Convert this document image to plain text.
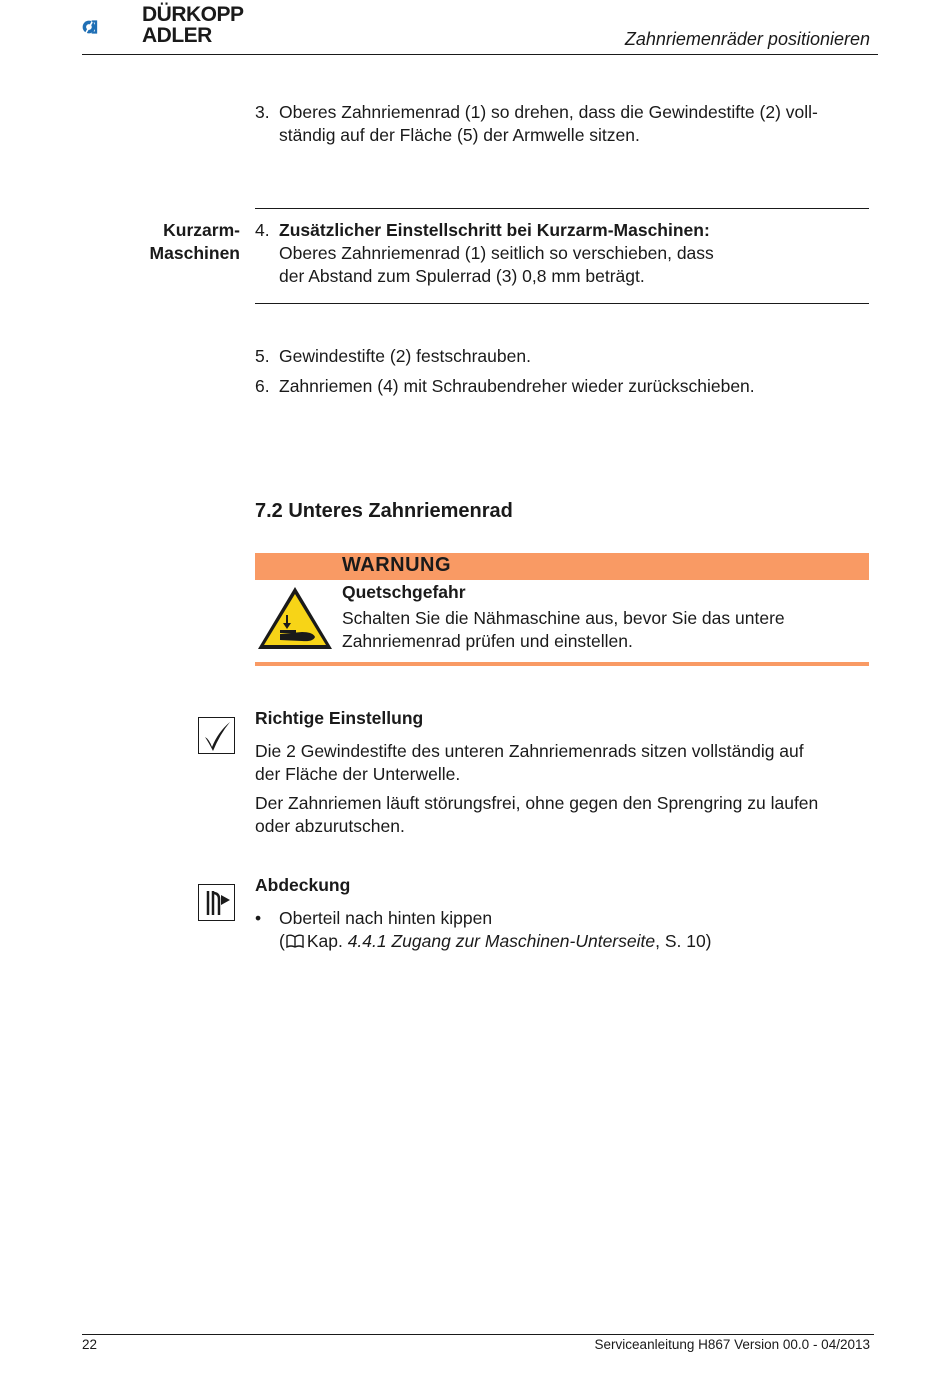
DÜRKOPP
ADLER	Zahnriemenräder positionieren
3. Oberes Zahnriemenrad (1) so drehen, dass die Gewindestifte (2) voll-
ständig auf der Fläche (5) der Armwelle sitzen.
Kurzarm-
Maschinen
4. Zusätzlicher Einstellschritt bei Kurzarm-Maschinen:
Oberes Zahnriemenrad (1) seitlich so verschieben, dass
der Abstand zum Spulerrad (3) 0,8 mm beträgt.
5. Gewindestifte (2) festschrauben.
6. Zahnriemen (4) mit Schraubendreher wieder zurückschieben.
7.2 Unteres Zahnriemenrad
WARNUNG
Quetschgefahr
Schalten Sie die Nähmaschine aus, bevor Sie das untere
Zahnriemenrad prüfen und einstellen.
Richtige Einstellung
Die 2 Gewindestifte des unteren Zahnriemenrads sitzen vollständig auf
der Fläche der Unterwelle.
Der Zahnriemen läuft störungsfrei, ohne gegen den Sprengring zu laufen
oder abzurutschen.
Abdeckung
• Oberteil nach hinten kippen
( Kap. 4.4.1 Zugang zur Maschinen-Unterseite, S. 10)
22	Serviceanleitung H867 Version 00.0 - 04/2013
